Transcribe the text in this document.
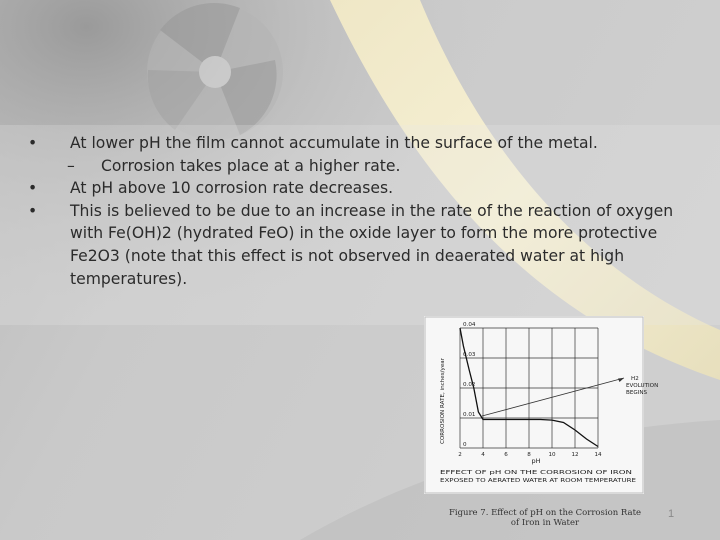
• At lower pH the film cannot accumulate in the surface of the metal.
– Corrosion takes place at a higher rate.
• At pH above 10 corrosion rate decreases.
• This is believed to be due to an increase in the rate of the reaction of oxygen with Fe(OH)2 (hydrated FeO) in the oxide layer to form the more protective Fe2O3 (note that this effect is not observed in deaerated water at high temperatures).
0.04
0.03
0.02
0.01
0
2	4	6	8	10	12	14
CORROSION RATE, inches/year
pH
H2
EVOLUTION
BEGINS
EFFECT OF pH ON THE CORROSION OF IRON
EXPOSED TO AERATED WATER AT ROOM TEMPERATURE
Figure 7. Effect of pH on the Corrosion Rate
of Iron in Water
1
